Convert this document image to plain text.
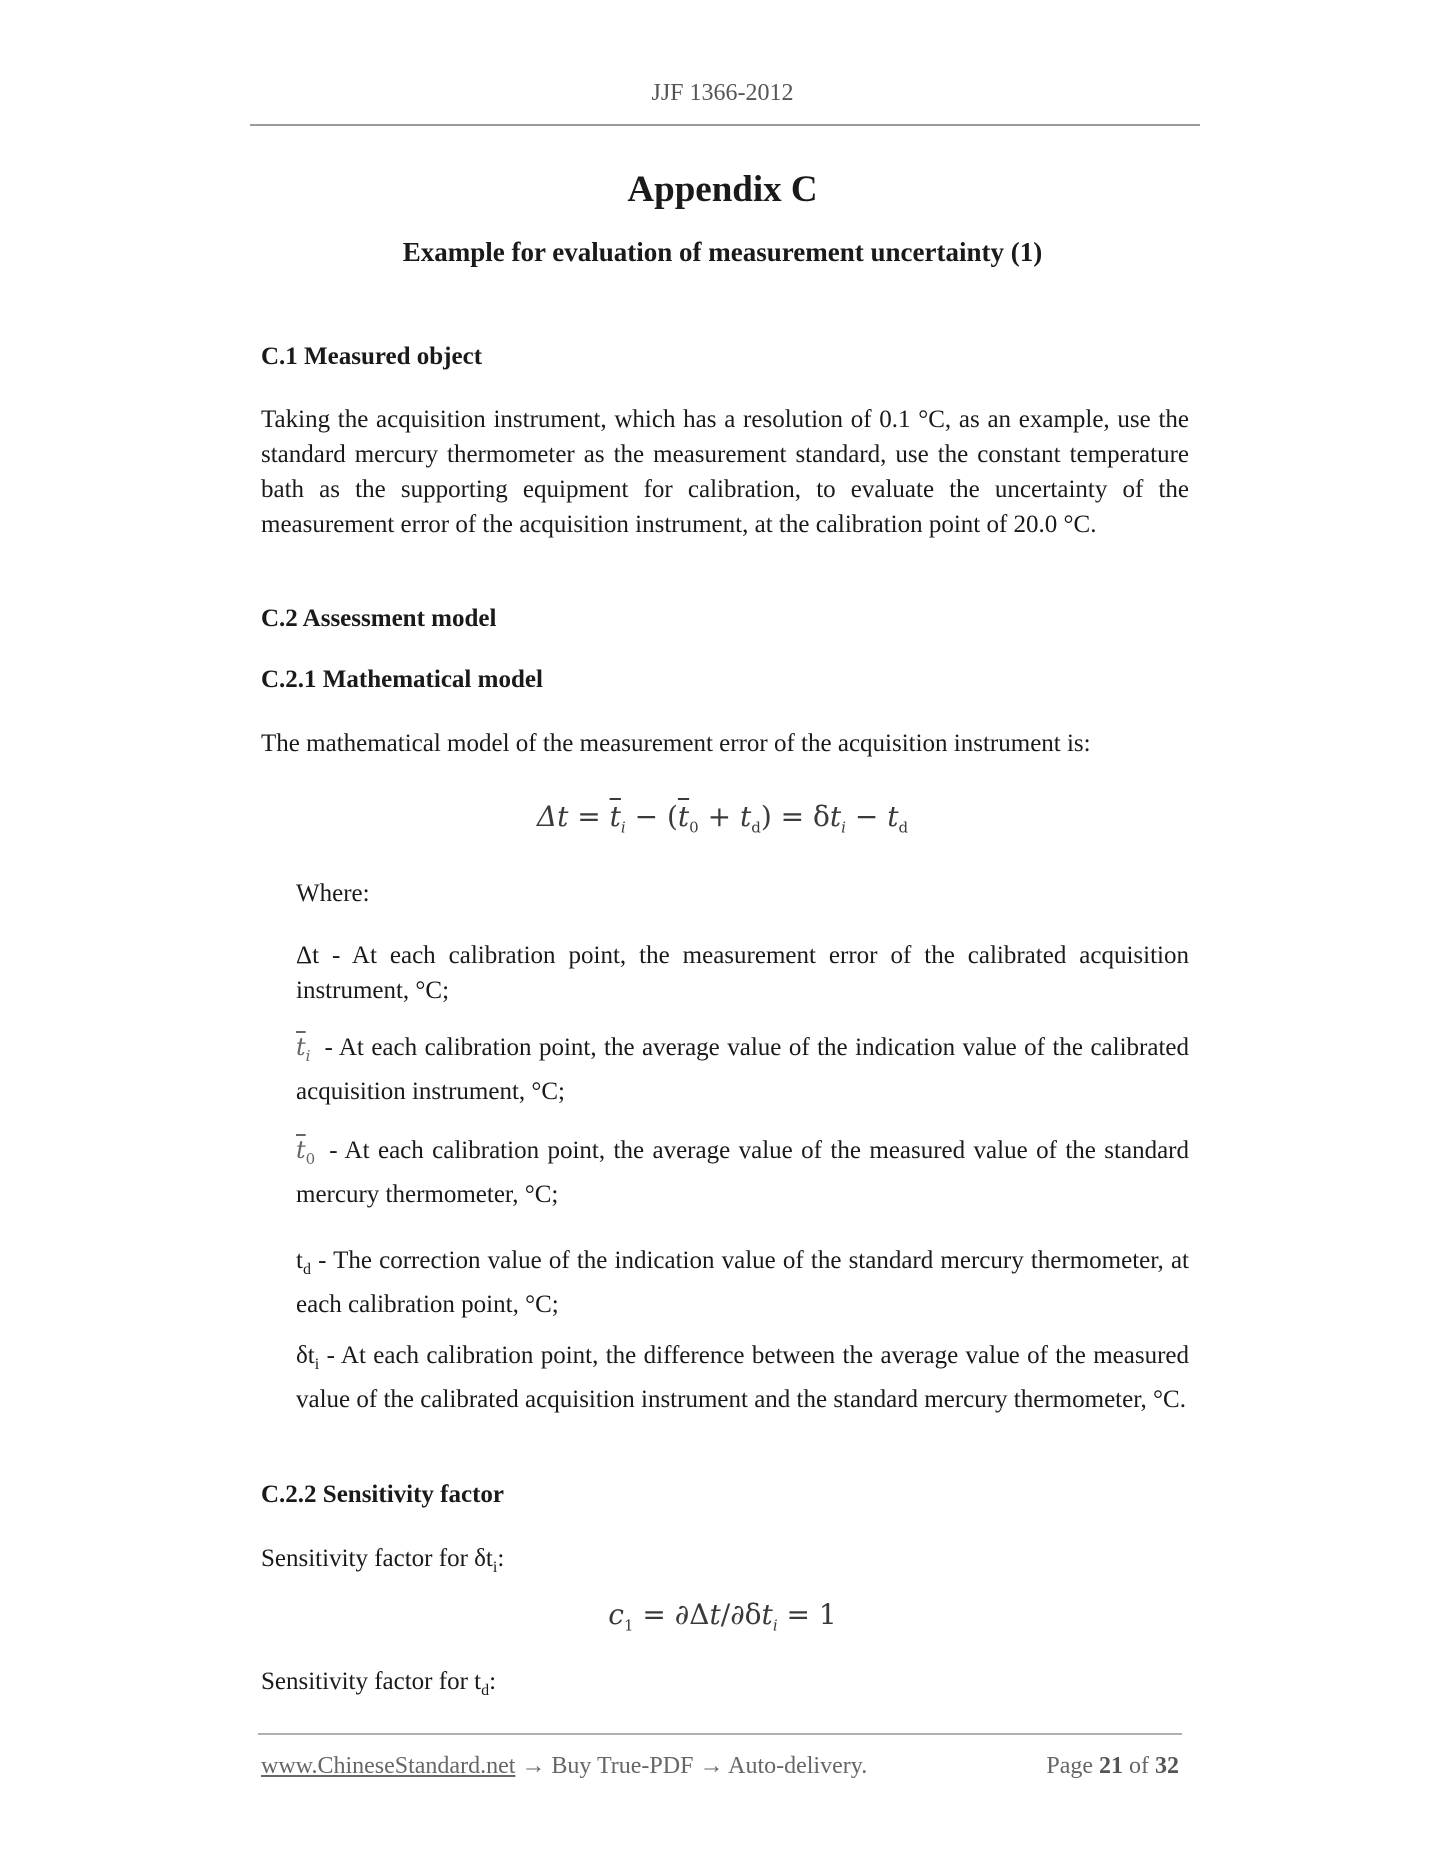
JJF 1366-2012
Appendix C
Example for evaluation of measurement uncertainty (1)
C.1 Measured object
Taking the acquisition instrument, which has a resolution of 0.1 °C, as an example, use the standard mercury thermometer as the measurement standard, use the constant temperature bath as the supporting equipment for calibration, to evaluate the uncertainty of the measurement error of the acquisition instrument, at the calibration point of 20.0 °C.
C.2 Assessment model
C.2.1 Mathematical model
The mathematical model of the measurement error of the acquisition instrument is:
$\Delta t = \overline{t}_i - (\overline{t}_0 + t_d) = \delta t_i - t_d$
Where:
Δt - At each calibration point, the measurement error of the calibrated acquisition instrument, °C;
$\overline{t}_i$ - At each calibration point, the average value of the indication value of the calibrated acquisition instrument, °C;
$\overline{t}_0$ - At each calibration point, the average value of the measured value of the standard mercury thermometer, °C;
$t_d$ - The correction value of the indication value of the standard mercury thermometer, at each calibration point, °C;
$\delta t_i$ - At each calibration point, the difference between the average value of the measured value of the calibrated acquisition instrument and the standard mercury thermometer, °C.
C.2.2 Sensitivity factor
Sensitivity factor for $\delta t_i$:
$c_1 = \partial\Delta t/\partial\delta t_i = 1$
Sensitivity factor for $t_d$:
www.ChineseStandard.net → Buy True-PDF → Auto-delivery.	Page 21 of 32
